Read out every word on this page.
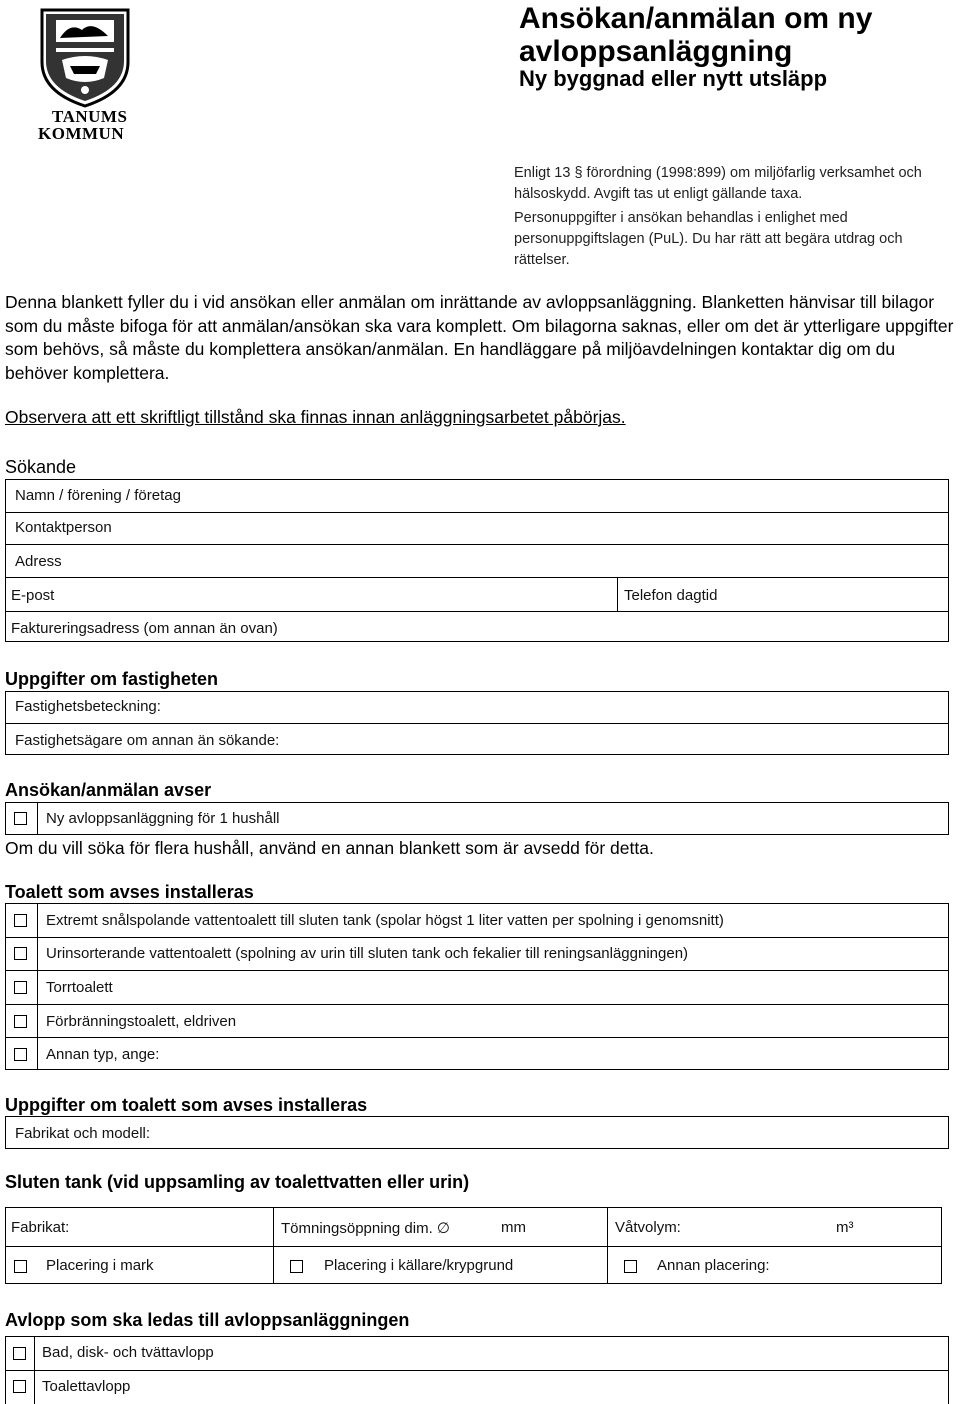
TANUMS
KOMMUN
Ansökan/anmälan om ny avloppsanläggning
Ny byggnad eller nytt utsläpp

Enligt 13 § förordning (1998:899) om miljöfarlig verksamhet och hälsoskydd. Avgift tas ut enligt gällande taxa.

Personuppgifter i ansökan behandlas i enlighet med personuppgiftslagen (PuL). Du har rätt att begära utdrag och rättelser.

Denna blankett fyller du i vid ansökan eller anmälan om inrättande av avloppsanläggning. Blanketten hänvisar till bilagor som du måste bifoga för att anmälan/ansökan ska vara komplett. Om bilagorna saknas, eller om det är ytterligare uppgifter som behövs, så måste du komplettera ansökan/anmälan. En handläggare på miljöavdelningen kontaktar dig om du behöver komplettera.
Observera att ett skriftligt tillstånd ska finnas innan anläggningsarbetet påbörjas.
Sökande
Namn / förening / företag
Kontaktperson
Adress
E-post	Telefon dagtid
Faktureringsadress (om annan än ovan)
Uppgifter om fastigheten
Fastighetsbeteckning:
Fastighetsägare om annan än sökande:
Ansökan/anmälan avser
Ny avloppsanläggning för 1 hushåll
Om du vill söka för flera hushåll, använd en annan blankett som är avsedd för detta.
Toalett som avses installeras
Extremt snålspolande vattentoalett till sluten tank (spolar högst 1 liter vatten per spolning i genomsnitt)
Urinsorterande vattentoalett (spolning av urin till sluten tank och fekalier till reningsanläggningen)
Torrtoalett
Förbränningstoalett, eldriven
Annan typ, ange:
Uppgifter om toalett som avses installeras
Fabrikat och modell:
Sluten tank (vid uppsamling av toalettvatten eller urin)
Fabrikat:	Tömningsöppning dim. ∅	mm	Våtvolym:	m³
Placering i mark	Placering i källare/krypgrund	Annan placering:
Avlopp som ska ledas till avloppsanläggningen
Bad, disk- och tvättavlopp
Toalettavlopp
